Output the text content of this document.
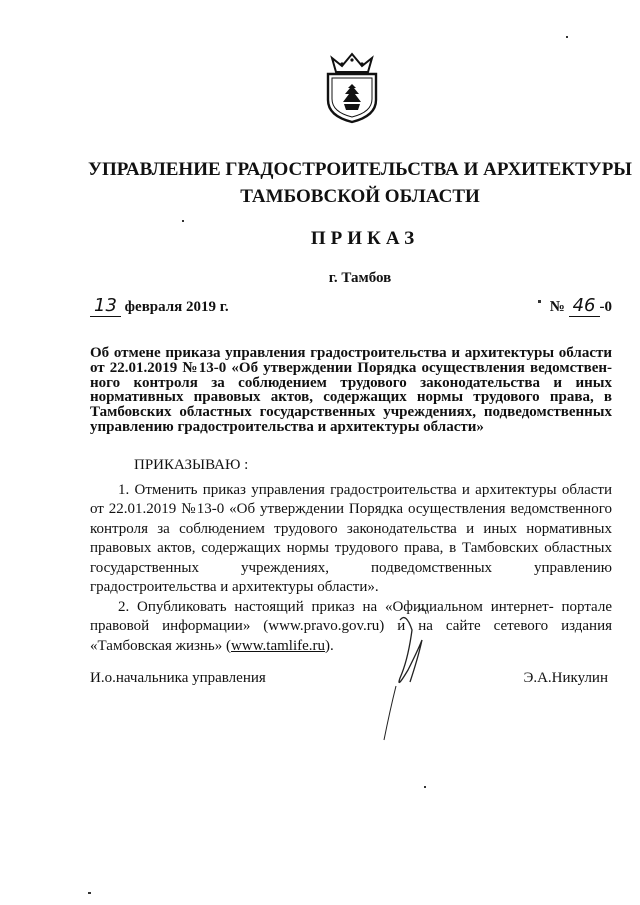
УПРАВЛЕНИЕ ГРАДОСТРОИТЕЛЬСТВА И АРХИТЕКТУРЫ
ТАМБОВСКОЙ ОБЛАСТИ
ПРИКАЗ
г. Тамбов
13 февраля 2019 г.	№ 46 -0
Об отмене приказа управления градостроительства и архитектуры области от 22.01.2019 №13-0 «Об утверждении Порядка осуществления ведомственного контроля за соблюдением трудового законодательства и иных нормативных правовых актов, содержащих нормы трудового права, в Тамбовских областных государственных учреждениях, подведомственных управлению градостроительства и архитектуры области»

ПРИКАЗЫВАЮ :

1. Отменить приказ управления градостроительства и архитектуры области от 22.01.2019 №13-0 «Об утверждении Порядка осуществления ведомственного контроля за соблюдением трудового законодательства и иных нормативных правовых актов, содержащих нормы трудового права, в Тамбовских областных государственных учреждениях, подведомственных управлению градостроительства и архитектуры области».

2. Опубликовать настоящий приказ на «Официальном интернет- портале правовой информации» (www.pravo.gov.ru) и на сайте сетевого издания «Тамбовская жизнь» (www.tamlife.ru).

И.о.начальника управления	Э.А.Никулин
